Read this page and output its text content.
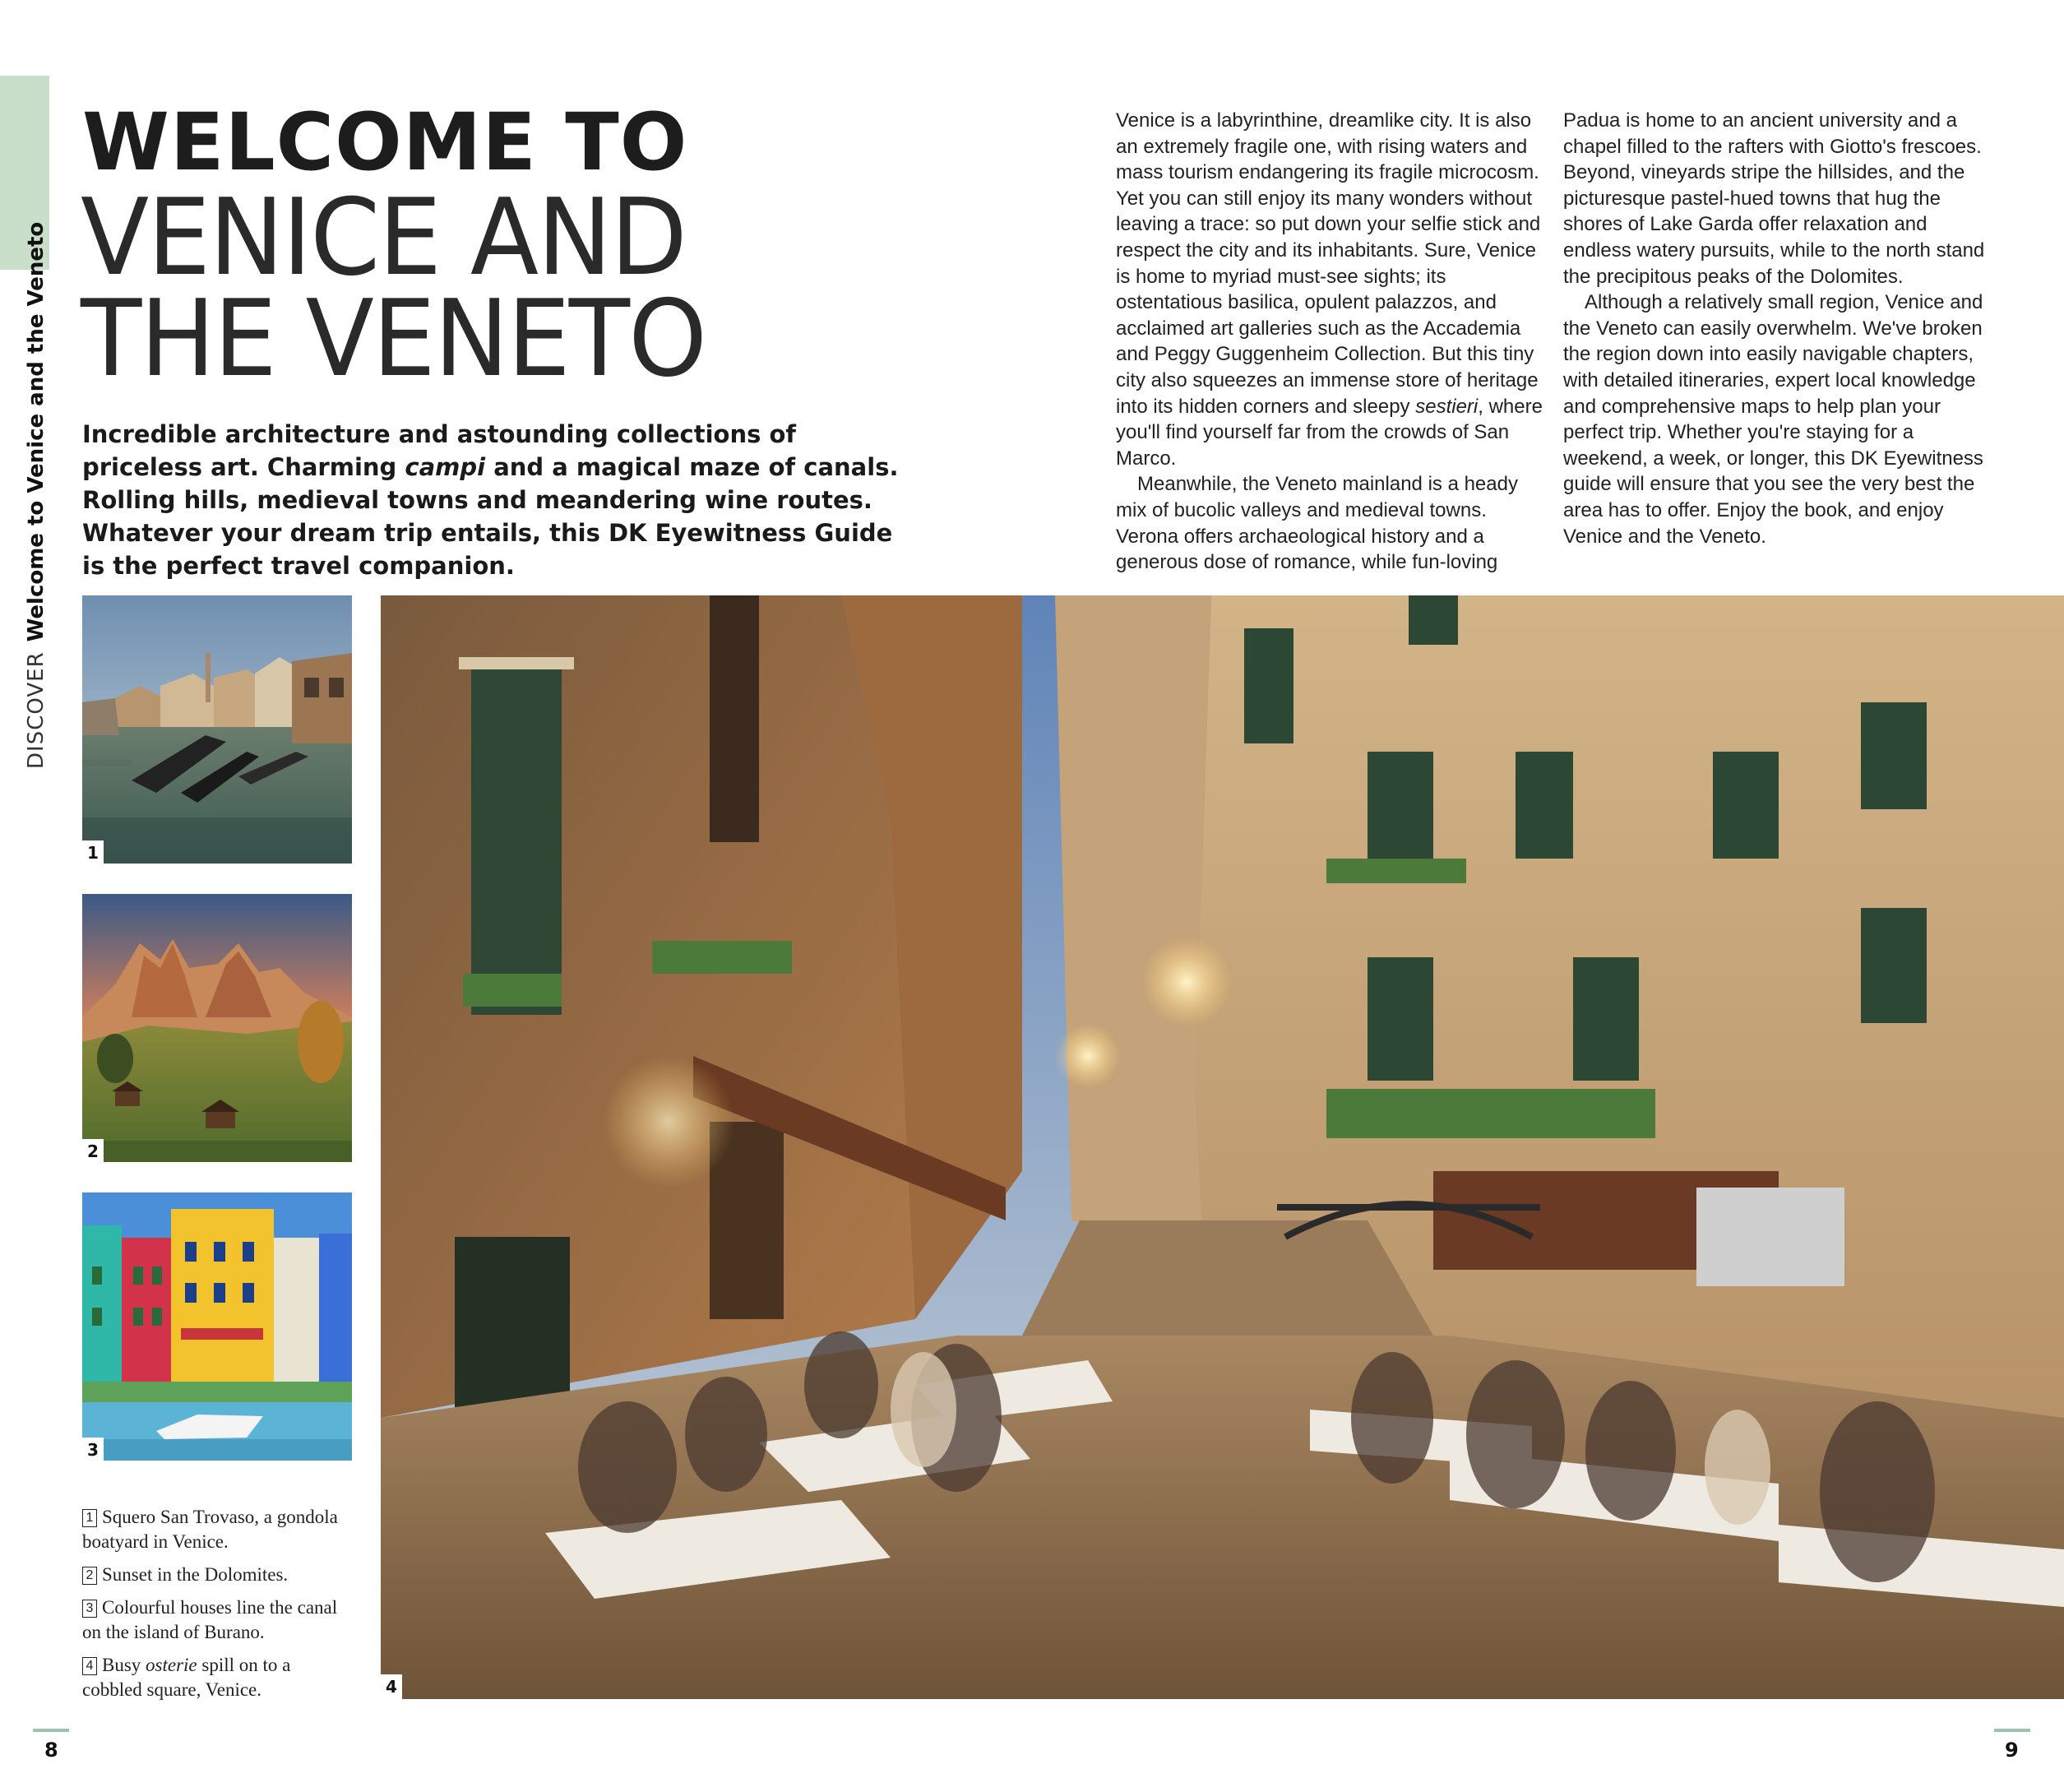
DISCOVER
Welcome to Venice and the Veneto
WELCOME TO
VENICE AND
THE VENETO
Incredible architecture and astounding collections of priceless art. Charming campi and a magical maze of canals. Rolling hills, medieval towns and meandering wine routes. Whatever your dream trip entails, this DK Eyewitness Guide is the perfect travel companion.

Venice is a labyrinthine, dreamlike city. It is also an extremely fragile one, with rising waters and mass tourism endangering its fragile microcosm. Yet you can still enjoy its many wonders without leaving a trace: so put down your selfie stick and respect the city and its inhabitants. Sure, Venice is home to myriad must-see sights; its ostentatious basilica, opulent palazzos, and acclaimed art galleries such as the Accademia and Peggy Guggenheim Collection. But this tiny city also squeezes an immense store of heritage into its hidden corners and sleepy sestieri, where you'll find yourself far from the crowds of San Marco.

Meanwhile, the Veneto mainland is a heady mix of bucolic valleys and medieval towns. Verona offers archaeological history and a generous dose of romance, while fun-loving

Padua is home to an ancient university and a chapel filled to the rafters with Giotto's frescoes. Beyond, vineyards stripe the hillsides, and the picturesque pastel-hued towns that hug the shores of Lake Garda offer relaxation and endless watery pursuits, while to the north stand the precipitous peaks of the Dolomites.

Although a relatively small region, Venice and the Veneto can easily overwhelm. We've broken the region down into easily navigable chapters, with detailed itineraries, expert local knowledge and comprehensive maps to help plan your perfect trip. Whether you're staying for a weekend, a week, or longer, this DK Eyewitness guide will ensure that you see the very best the area has to offer. Enjoy the book, and enjoy Venice and the Veneto.

1
2
3
4
1 Squero San Trovaso, a gondola boatyard in Venice.
2 Sunset in the Dolomites.
3 Colourful houses line the canal on the island of Burano.
4 Busy osterie spill on to a cobbled square, Venice.
8	9
